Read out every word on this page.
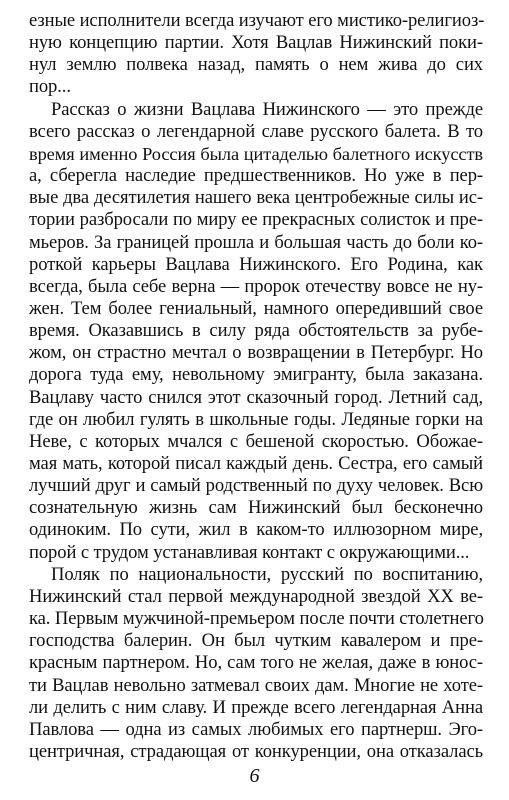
езные исполнители всегда изучают его мистико-религиоз-
ную концепцию партии. Хотя Вацлав Нижинский поки-
нул землю полвека назад, память о нем жива до сих
пор...
Рассказ о жизни Вацлава Нижинского — это прежде
всего рассказ о легендарной славе русского балета. В то
время именно Россия была цитаделью балетного искусств
а, сберегла наследие предшественников. Но уже в пер-
вые два десятилетия нашего века центробежные силы ис-
тории разбросали по миру ее прекрасных солисток и пре-
мьеров. За границей прошла и большая часть до боли ко-
роткой карьеры Вацлава Нижинского. Его Родина, как
всегда, была себе верна — пророк отечеству вовсе не ну-
жен. Тем более гениальный, намного опередивший свое
время. Оказавшись в силу ряда обстоятельств за рубе-
жом, он страстно мечтал о возвращении в Петербург. Но
дорога туда ему, невольному эмигранту, была заказана.
Вацлаву часто снился этот сказочный город. Летний сад,
где он любил гулять в школьные годы. Ледяные горки на
Неве, с которых мчался с бешеной скоростью. Обожае-
мая мать, которой писал каждый день. Сестра, его самый
лучший друг и самый родственный по духу человек. Всю
сознательную жизнь сам Нижинский был бесконечно
одиноким. По сути, жил в каком-то иллюзорном мире,
порой с трудом устанавливая контакт с окружающими...
Поляк по национальности, русский по воспитанию,
Нижинский стал первой международной звездой XX ве-
ка. Первым мужчиной-премьером после почти столетнего
господства балерин. Он был чутким кавалером и пре-
красным партнером. Но, сам того не желая, даже в юнос-
ти Вацлав невольно затмевал своих дам. Многие не хоте-
ли делить с ним славу. И прежде всего легендарная Анна
Павлова — одна из самых любимых его партнерш. Эго-
центричная, страдающая от конкуренции, она отказалась
6
